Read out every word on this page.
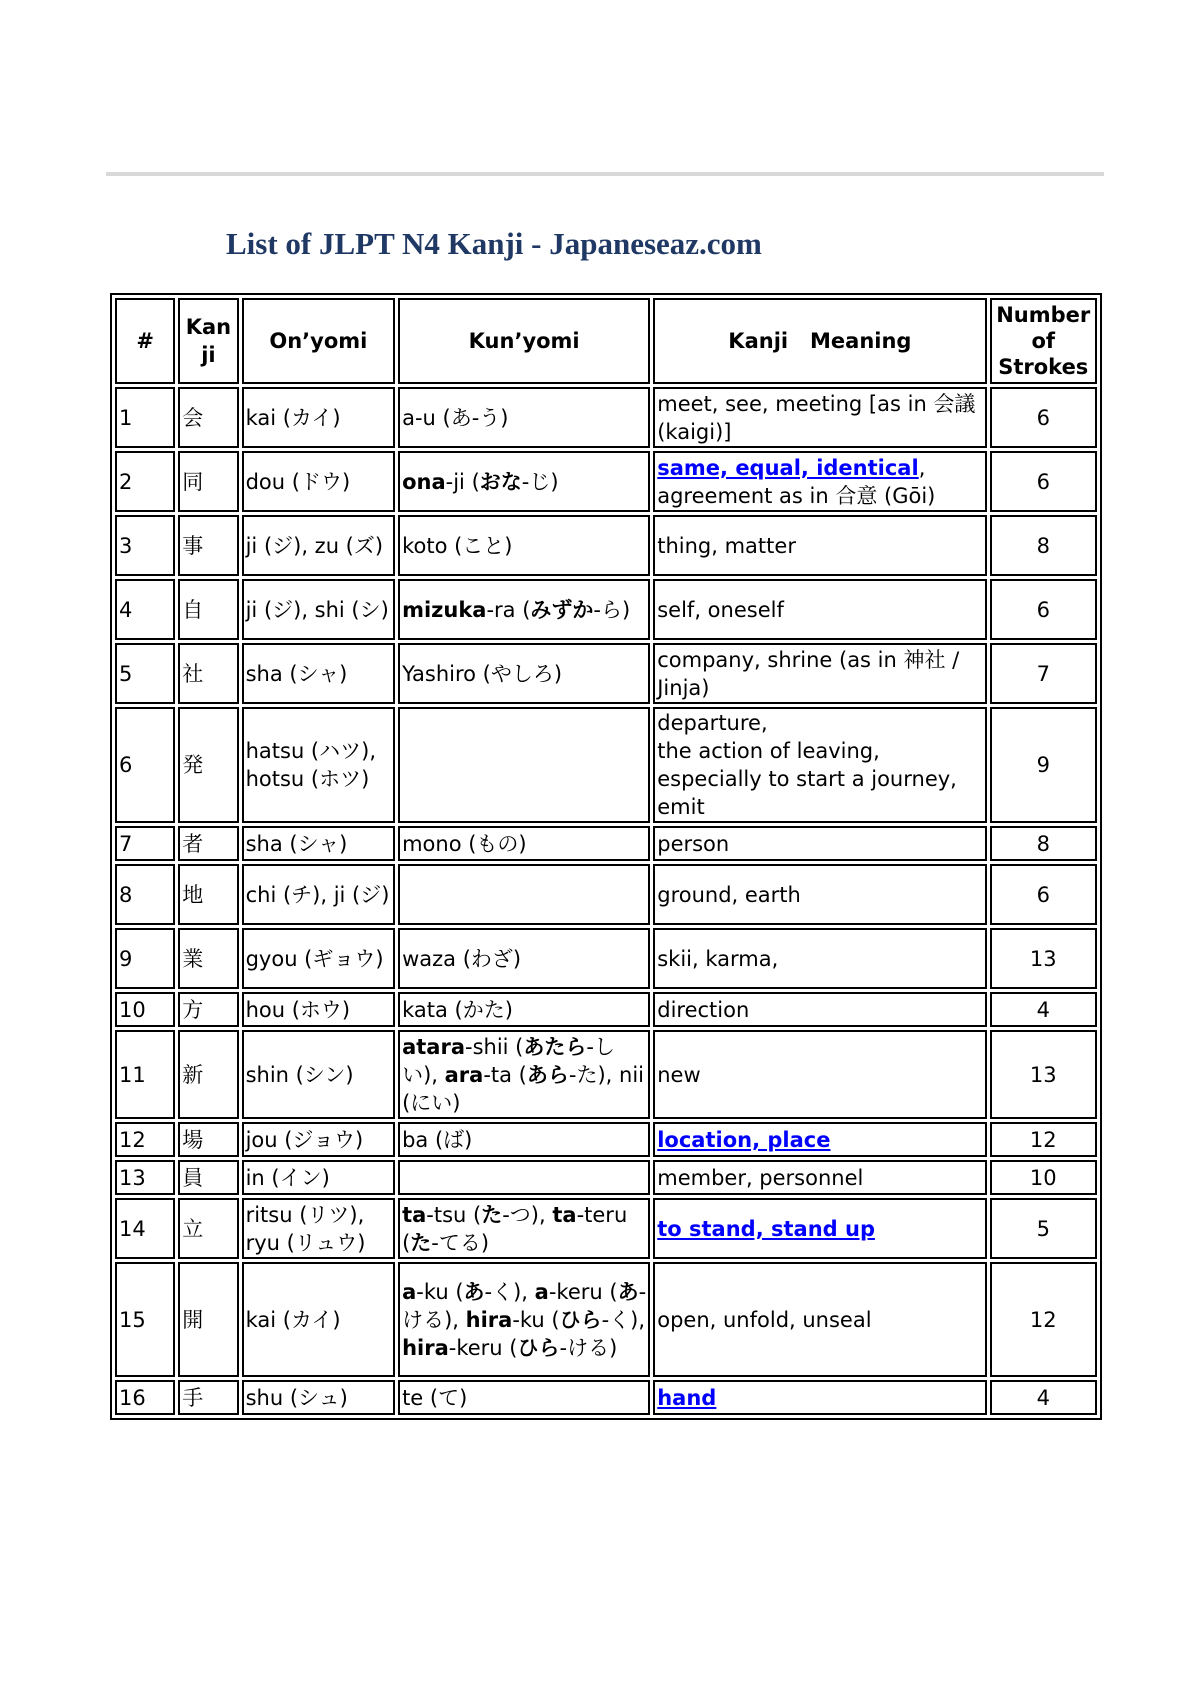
List of JLPT N4 Kanji - Japaneseaz.com
#	Kan ji	On’yomi	Kun’yomi	Kanji   Meaning	Number of Strokes
1	会	kai (カイ)	a-u (あ-う)	meet, see, meeting [as in 会議 (kaigi)]	6
2	同	dou (ドウ)	ona-ji (おな-じ)	same, equal, identical, agreement as in 合意 (Gōi)	6
3	事	ji (ジ), zu (ズ)	koto (こと)	thing, matter	8
4	自	ji (ジ), shi (シ)	mizuka-ra (みずか-ら)	self, oneself	6
5	社	sha (シャ)	Yashiro (やしろ)	company, shrine (as in 神社 / Jinja)	7
6	発	hatsu (ハツ), hotsu (ホツ)		departure,
the action of leaving,
especially to start a journey,
emit	9
7	者	sha (シャ)	mono (もの)	person	8
8	地	chi (チ), ji (ジ)		ground, earth	6
9	業	gyou (ギョウ)	waza (わざ)	skii, karma,	13
10	方	hou (ホウ)	kata (かた)	direction	4
11	新	shin (シン)	atara-shii (あたら-しい), ara-ta (あら-た), nii (にい)	new	13
12	場	jou (ジョウ)	ba (ば)	location, place	12
13	員	in (イン)		member, personnel	10
14	立	ritsu (リツ), ryu (リュウ)	ta-tsu (た-つ), ta-teru (た-てる)	to stand, stand up	5
15	開	kai (カイ)	a-ku (あ-く), a-keru (あ-ける), hira-ku (ひら-く), hira-keru (ひら-ける)	open, unfold, unseal	12
16	手	shu (シュ)	te (て)	hand	4
